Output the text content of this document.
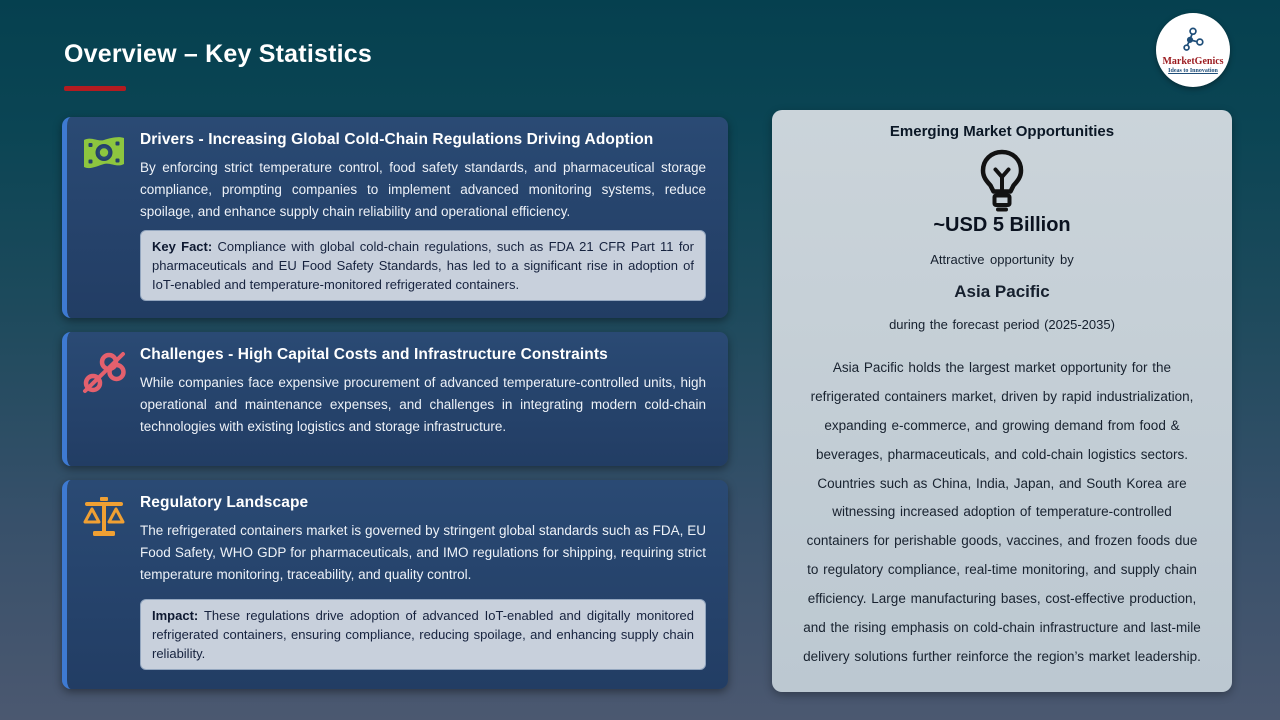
Overview – Key Statistics	MarketGenics
Ideas to Innovation
Drivers - Increasing Global Cold-Chain Regulations Driving Adoption

By enforcing strict temperature control, food safety standards, and pharmaceutical storage compliance, prompting companies to implement advanced monitoring systems, reduce spoilage, and enhance supply chain reliability and operational efficiency.

Key Fact: Compliance with global cold-chain regulations, such as FDA 21 CFR Part 11 for pharmaceuticals and EU Food Safety Standards, has led to a significant rise in adoption of IoT-enabled and temperature-monitored refrigerated containers.
Challenges - High Capital Costs and Infrastructure Constraints

While companies face expensive procurement of advanced temperature-controlled units, high operational and maintenance expenses, and challenges in integrating modern cold-chain technologies with existing logistics and storage infrastructure.

Regulatory Landscape

The refrigerated containers market is governed by stringent global standards such as FDA, EU Food Safety, WHO GDP for pharmaceuticals, and IMO regulations for shipping, requiring strict temperature monitoring, traceability, and quality control.

Impact: These regulations drive adoption of advanced IoT-enabled and digitally monitored refrigerated containers, ensuring compliance, reducing spoilage, and enhancing supply chain reliability.
Emerging Market Opportunities
~USD 5 Billion
Attractive opportunity by
Asia Pacific
during the forecast period (2025-2035)
Asia Pacific holds the largest market opportunity for the refrigerated containers market, driven by rapid industrialization, expanding e-commerce, and growing demand from food & beverages, pharmaceuticals, and cold-chain logistics sectors. Countries such as China, India, Japan, and South Korea are witnessing increased adoption of temperature-controlled containers for perishable goods, vaccines, and frozen foods due to regulatory compliance, real-time monitoring, and supply chain efficiency. Large manufacturing bases, cost-effective production, and the rising emphasis on cold-chain infrastructure and last-mile delivery solutions further reinforce the region’s market leadership.
